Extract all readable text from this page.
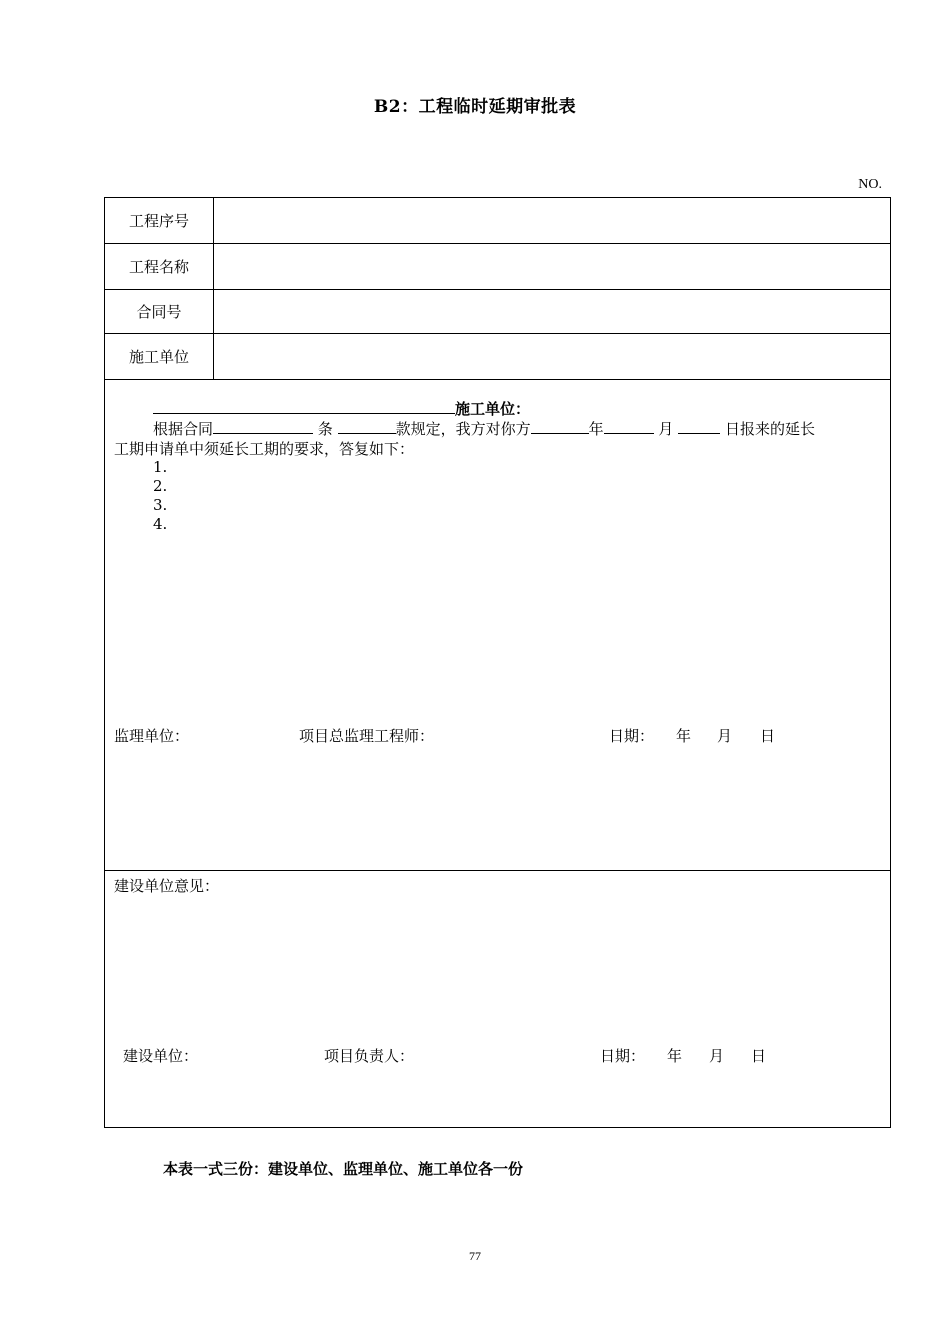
B2：工程临时延期审批表
NO.
工程序号
工程名称
合同号
施工单位
施工单位：
根据合同	条	款规定，我方对你方	年	月	日报来的延长
工期申请单中须延长工期的要求，答复如下：
1.
2.
3.
4.
监理单位：	项目总监理工程师：	日期： 年 月 日
建设单位意见：
建设单位：	项目负责人：	日期： 年 月 日
本表一式三份：建设单位、监理单位、施工单位各一份
77
